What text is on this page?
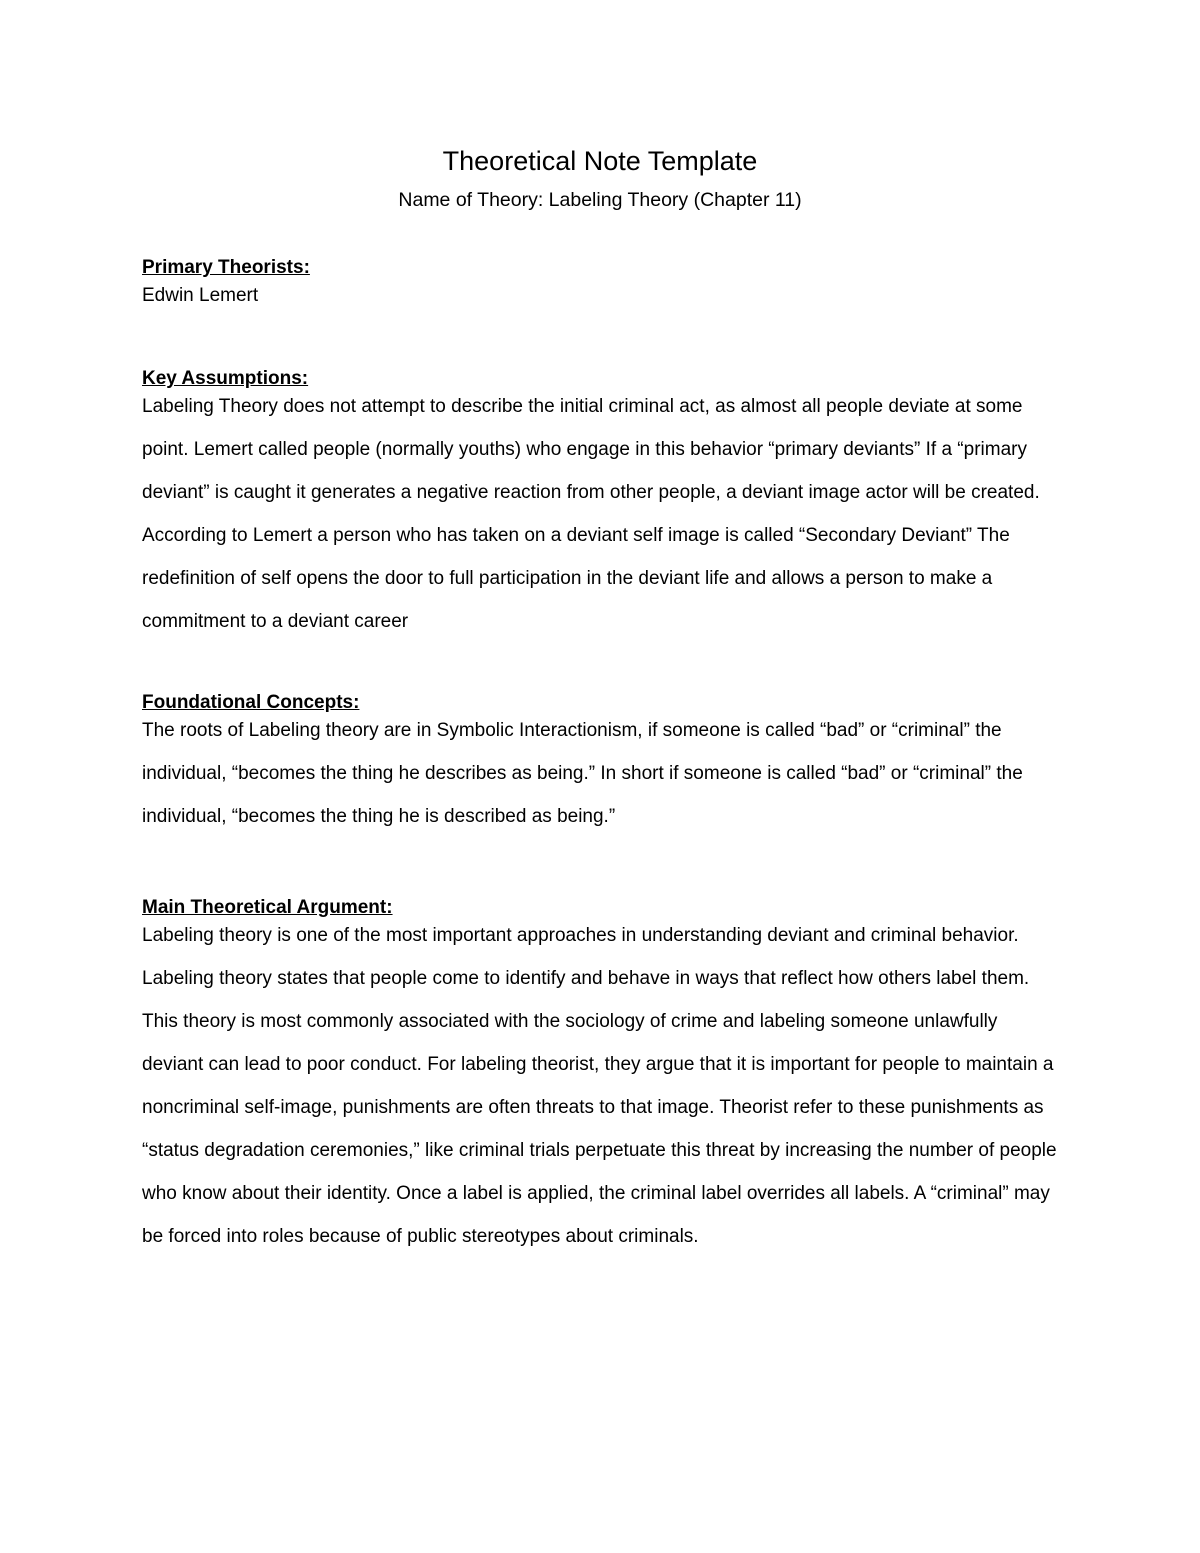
Theoretical Note Template

Name of Theory: Labeling Theory (Chapter 11)

Primary Theorists:

Edwin Lemert

Key Assumptions:

Labeling Theory does not attempt to describe the initial criminal act, as almost all people deviate at some point. Lemert called people (normally youths) who engage in this behavior “primary deviants” If a “primary deviant” is caught it generates a negative reaction from other people, a deviant image actor will be created. According to Lemert a person who has taken on a deviant self image is called “Secondary Deviant” The redefinition of self opens the door to full participation in the deviant life and allows a person to make a commitment to a deviant career

Foundational Concepts:

The roots of Labeling theory are in Symbolic Interactionism, if someone is called “bad” or “criminal” the individual, “becomes the thing he describes as being.” In short if someone is called “bad” or “criminal” the individual, “becomes the thing he is described as being.”

Main Theoretical Argument:

Labeling theory is one of the most important approaches in understanding deviant and criminal behavior. Labeling theory states that people come to identify and behave in ways that reflect how others label them. This theory is most commonly associated with the sociology of crime and labeling someone unlawfully deviant can lead to poor conduct. For labeling theorist, they argue that it is important for people to maintain a noncriminal self-image, punishments are often threats to that image. Theorist refer to these punishments as “status degradation ceremonies,” like criminal trials perpetuate this threat by increasing the number of people who know about their identity. Once a label is applied, the criminal label overrides all labels. A “criminal” may be forced into roles because of public stereotypes about criminals.
